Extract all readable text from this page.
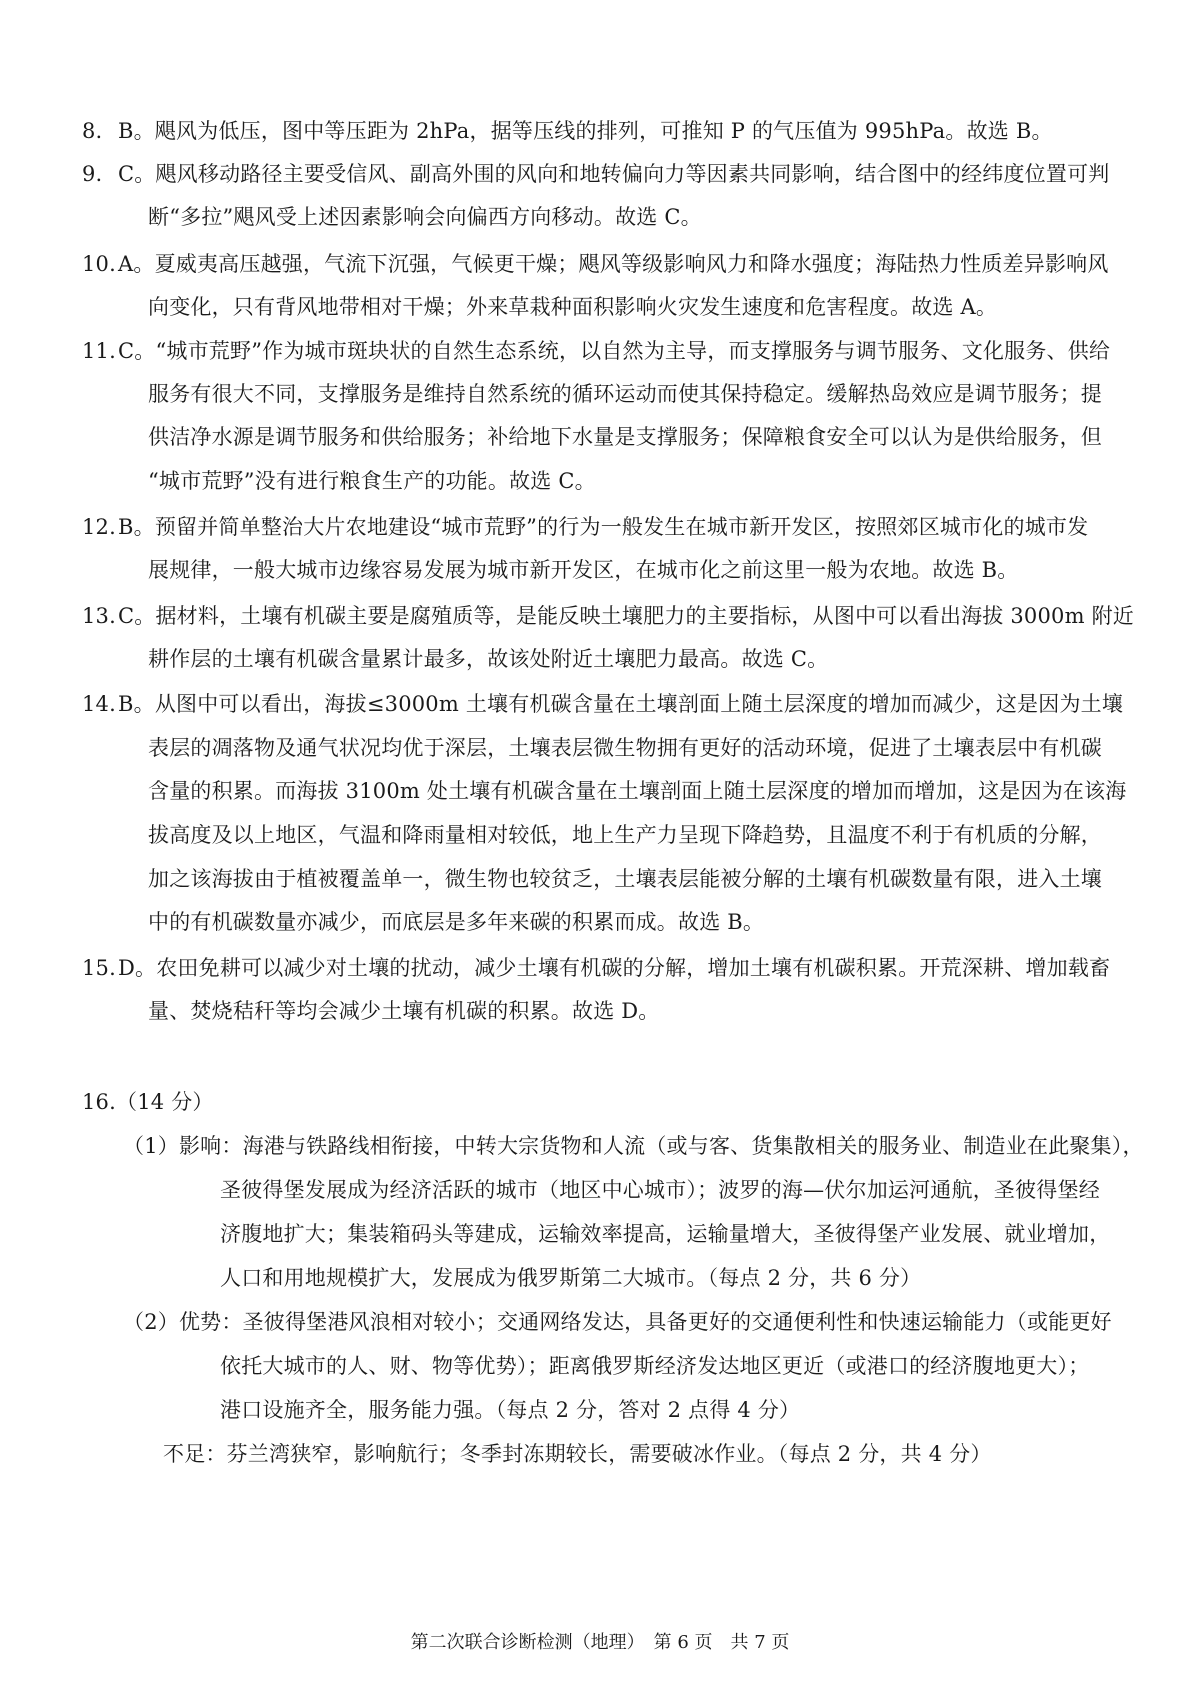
8. B。飓风为低压，图中等压距为 2hPa，据等压线的排列，可推知 P 的气压值为 995hPa。故选 B。
9. C。飓风移动路径主要受信风、副高外围的风向和地转偏向力等因素共同影响，结合图中的经纬度位置可判
断“多拉”飓风受上述因素影响会向偏西方向移动。故选 C。
10.A。夏威夷高压越强，气流下沉强，气候更干燥；飓风等级影响风力和降水强度；海陆热力性质差异影响风
向变化，只有背风地带相对干燥；外来草栽种面积影响火灾发生速度和危害程度。故选 A。
11.C。“城市荒野”作为城市斑块状的自然生态系统，以自然为主导，而支撑服务与调节服务、文化服务、供给
服务有很大不同，支撑服务是维持自然系统的循环运动而使其保持稳定。缓解热岛效应是调节服务；提
供洁净水源是调节服务和供给服务；补给地下水量是支撑服务；保障粮食安全可以认为是供给服务，但
“城市荒野”没有进行粮食生产的功能。故选 C。
12.B。预留并简单整治大片农地建设“城市荒野”的行为一般发生在城市新开发区，按照郊区城市化的城市发
展规律，一般大城市边缘容易发展为城市新开发区，在城市化之前这里一般为农地。故选 B。
13.C。据材料，土壤有机碳主要是腐殖质等，是能反映土壤肥力的主要指标，从图中可以看出海拔 3000m 附近
耕作层的土壤有机碳含量累计最多，故该处附近土壤肥力最高。故选 C。
14.B。从图中可以看出，海拔≤3000m 土壤有机碳含量在土壤剖面上随土层深度的增加而减少，这是因为土壤
表层的凋落物及通气状况均优于深层，土壤表层微生物拥有更好的活动环境，促进了土壤表层中有机碳
含量的积累。而海拔 3100m 处土壤有机碳含量在土壤剖面上随土层深度的增加而增加，这是因为在该海
拔高度及以上地区，气温和降雨量相对较低，地上生产力呈现下降趋势，且温度不利于有机质的分解，
加之该海拔由于植被覆盖单一，微生物也较贫乏，土壤表层能被分解的土壤有机碳数量有限，进入土壤
中的有机碳数量亦减少，而底层是多年来碳的积累而成。故选 B。
15.D。农田免耕可以减少对土壤的扰动，减少土壤有机碳的分解，增加土壤有机碳积累。开荒深耕、增加载畜
量、焚烧秸秆等均会减少土壤有机碳的积累。故选 D。
16.（14 分）
（1）影响：海港与铁路线相衔接，中转大宗货物和人流（或与客、货集散相关的服务业、制造业在此聚集），
圣彼得堡发展成为经济活跃的城市（地区中心城市）；波罗的海—伏尔加运河通航，圣彼得堡经
济腹地扩大；集装箱码头等建成，运输效率提高，运输量增大，圣彼得堡产业发展、就业增加，
人口和用地规模扩大，发展成为俄罗斯第二大城市。（每点 2 分，共 6 分）
（2）优势：圣彼得堡港风浪相对较小；交通网络发达，具备更好的交通便利性和快速运输能力（或能更好
依托大城市的人、财、物等优势）；距离俄罗斯经济发达地区更近（或港口的经济腹地更大）；
港口设施齐全，服务能力强。（每点 2 分，答对 2 点得 4 分）
不足：芬兰湾狭窄，影响航行；冬季封冻期较长，需要破冰作业。（每点 2 分，共 4 分）
第二次联合诊断检测（地理）　第 6 页　共 7 页
